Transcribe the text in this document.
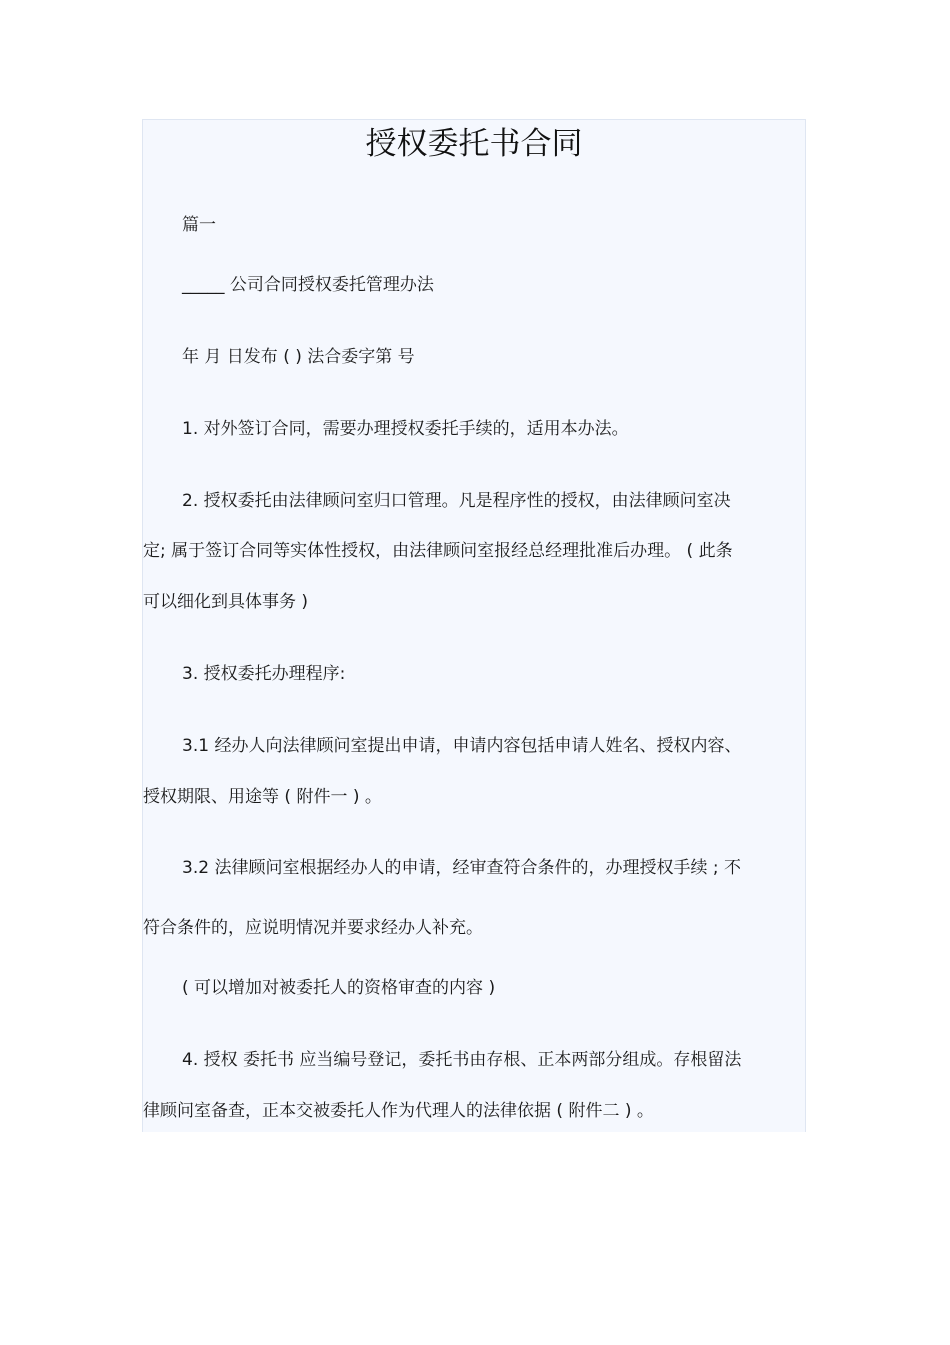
授权委托书合同

篇一

_____ 公司合同授权委托管理办法

年 月 日发布 ( ) 法合委字第 号

1. 对外签订合同，需要办理授权委托手续的，适用本办法。

2. 授权委托由法律顾问室归口管理。凡是程序性的授权，由法律顾问室决

定; 属于签订合同等实体性授权，由法律顾问室报经总经理批准后办理。 ( 此条

可以细化到具体事务 )

3. 授权委托办理程序:

3.1 经办人向法律顾问室提出申请，申请内容包括申请人姓名、授权内容、

授权期限、用途等 ( 附件一 ) 。

3.2 法律顾问室根据经办人的申请，经审查符合条件的，办理授权手续 ; 不

符合条件的，应说明情况并要求经办人补充。

( 可以增加对被委托人的资格审查的内容 )

4. 授权 委托书 应当编号登记，委托书由存根、正本两部分组成。存根留法

律顾问室备查，正本交被委托人作为代理人的法律依据 ( 附件二 ) 。
